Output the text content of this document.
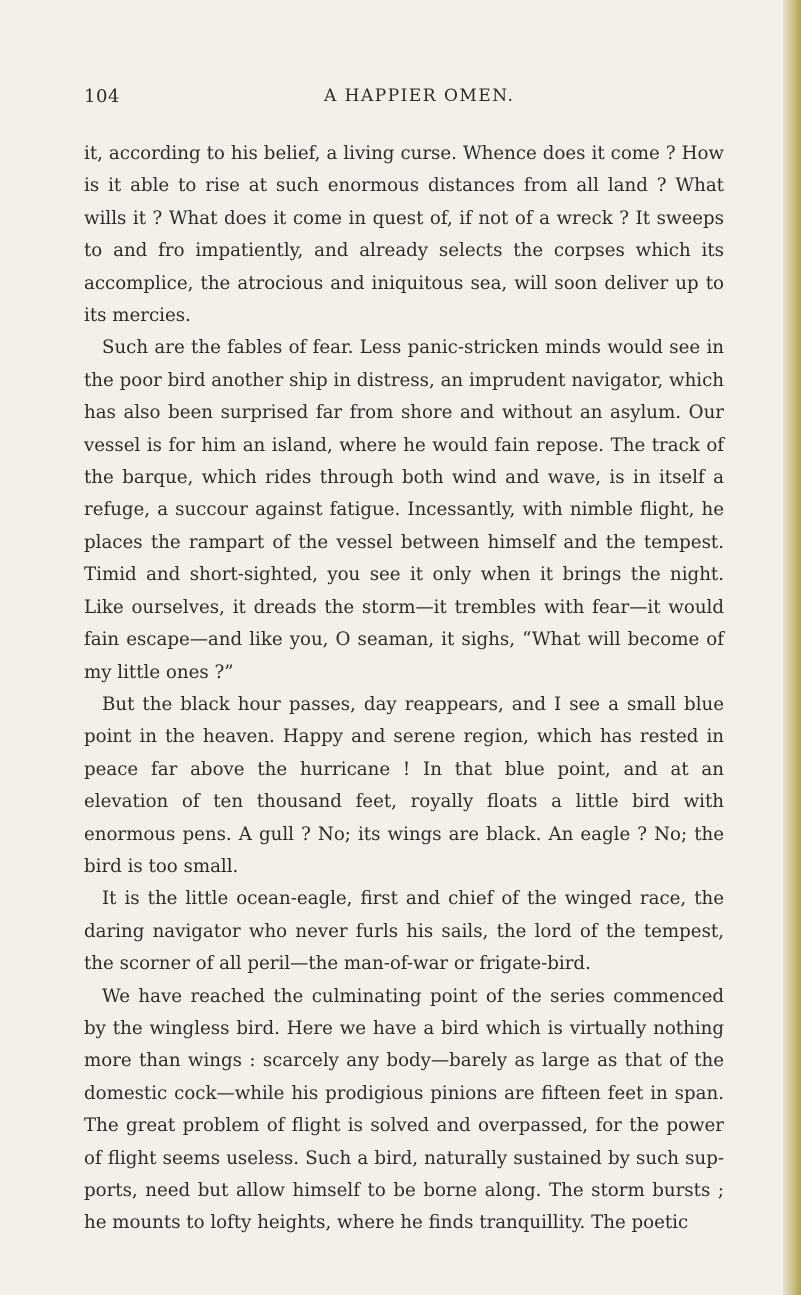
104	A HAPPIER OMEN.

it, according to his belief, a living curse. Whence does it come ? How is it able to rise at such enormous distances from all land ? What wills it ? What does it come in quest of, if not of a wreck ? It sweeps to and fro impatiently, and already selects the corpses which its accomplice, the atrocious and iniquitous sea, will soon deliver up to its mercies.

Such are the fables of fear. Less panic-stricken minds would see in the poor bird another ship in distress, an imprudent navigator, which has also been surprised far from shore and without an asylum. Our vessel is for him an island, where he would fain repose. The track of the barque, which rides through both wind and wave, is in itself a refuge, a succour against fatigue. Incessantly, with nimble flight, he places the rampart of the vessel between himself and the tempest. Timid and short-sighted, you see it only when it brings the night. Like ourselves, it dreads the storm—it trembles with fear—it would fain escape—and like you, O seaman, it sighs, “What will become of my little ones ?”

But the black hour passes, day reappears, and I see a small blue point in the heaven. Happy and serene region, which has rested in peace far above the hurricane ! In that blue point, and at an elevation of ten thousand feet, royally floats a little bird with enormous pens. A gull ? No; its wings are black. An eagle ? No; the bird is too small.

It is the little ocean-eagle, first and chief of the winged race, the daring navigator who never furls his sails, the lord of the tempest, the scorner of all peril—the man-of-war or frigate-bird.

We have reached the culminating point of the series commenced by the wingless bird. Here we have a bird which is virtually nothing more than wings : scarcely any body—barely as large as that of the domestic cock—while his prodigious pinions are fifteen feet in span. The great problem of flight is solved and overpassed, for the power of flight seems useless. Such a bird, naturally sustained by such sup-ports, need but allow himself to be borne along. The storm bursts ; he mounts to lofty heights, where he finds tranquillity. The poetic
